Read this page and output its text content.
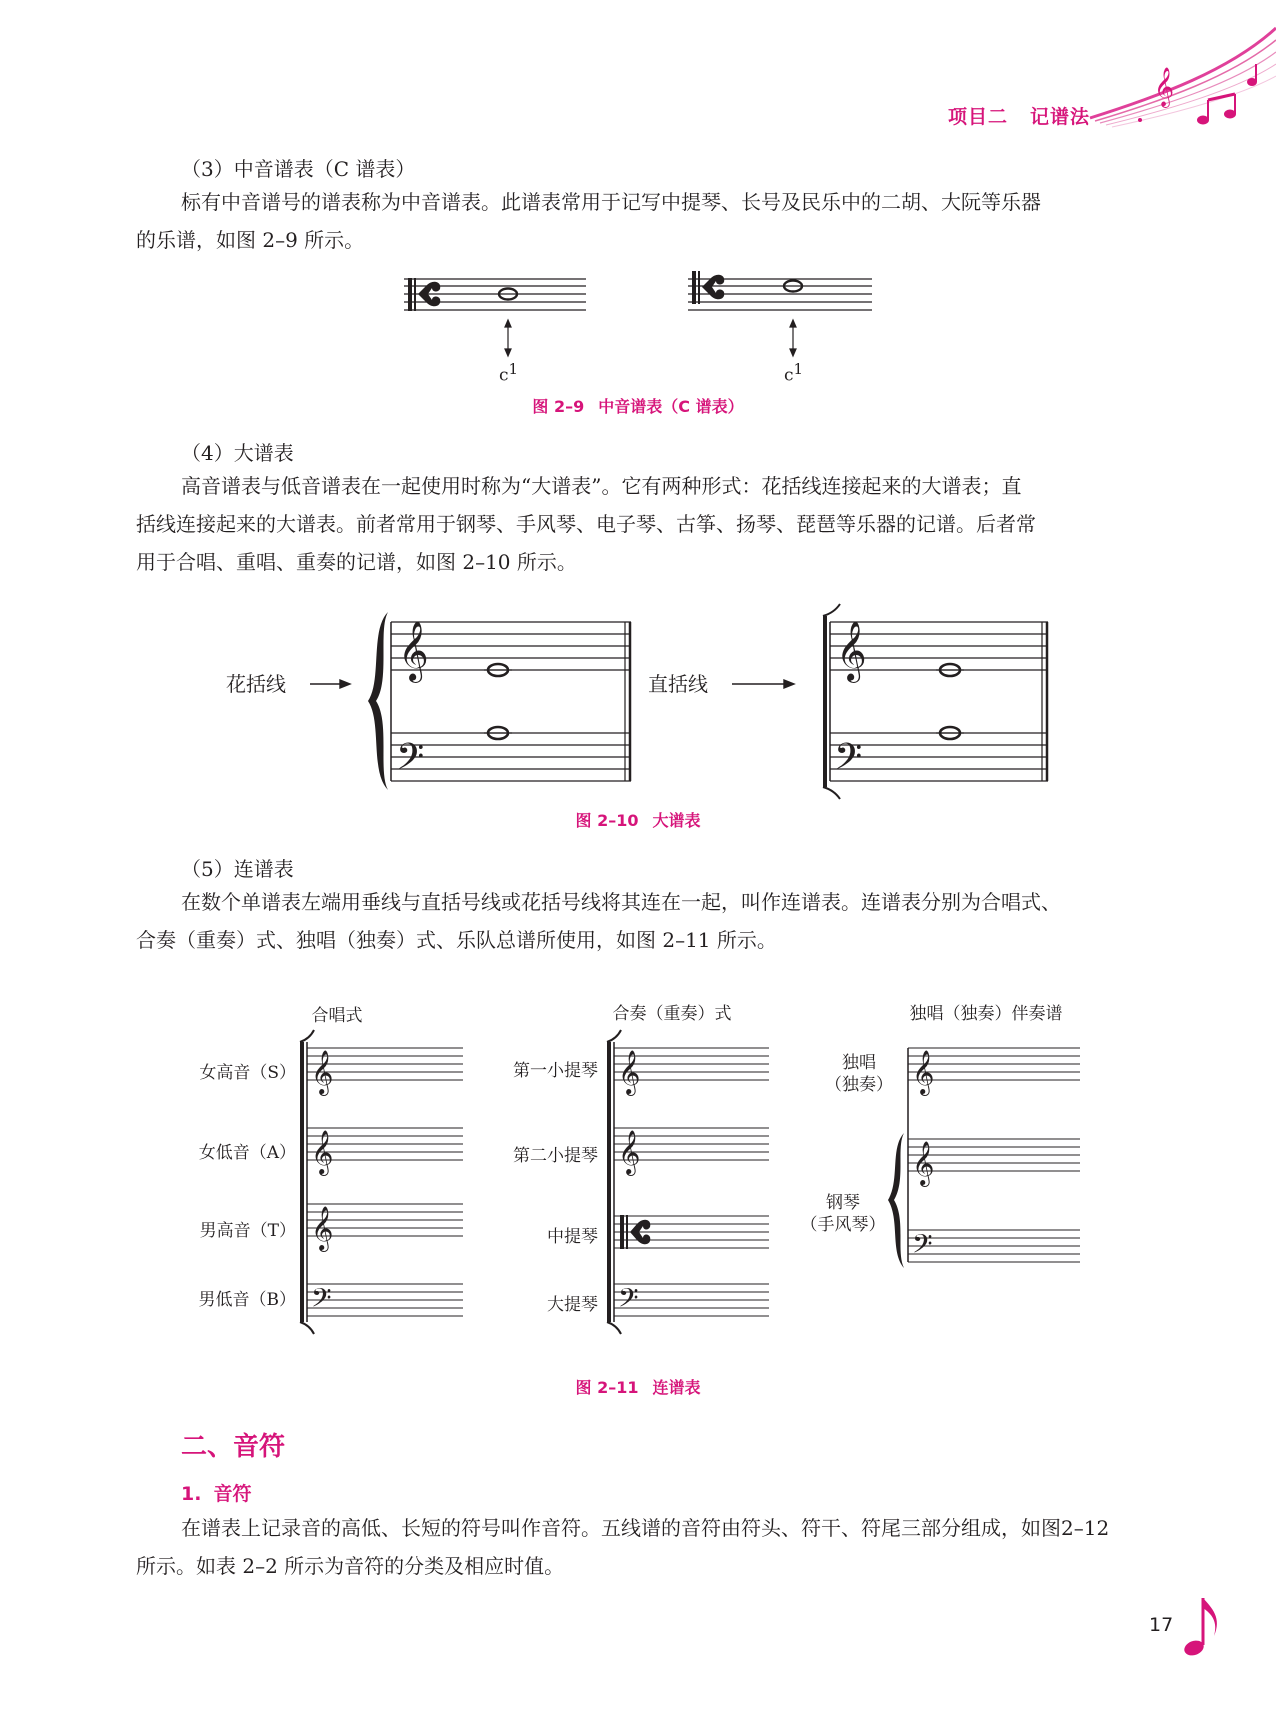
𝄞
𝄞
𝄢
𝄞
𝄢
𝄞
𝄞
𝄞
𝄢
𝄞
𝄞
𝄢
𝄞
𝄞
𝄢
项目二 记谱法
（3）中音谱表（C 谱表）
标有中音谱号的谱表称为中音谱表。此谱表常用于记写中提琴、长号及民乐中的二胡、大阮等乐器
的乐谱，如图 2–9 所示。
$c^1$	$c^1$
图 2–9 中音谱表（C 谱表）
（4）大谱表
高音谱表与低音谱表在一起使用时称为“大谱表”。它有两种形式：花括线连接起来的大谱表；直
括线连接起来的大谱表。前者常用于钢琴、手风琴、电子琴、古筝、扬琴、琵琶等乐器的记谱。后者常
用于合唱、重唱、重奏的记谱，如图 2–10 所示。
花括线	直括线
图 2–10 大谱表
（5）连谱表
在数个单谱表左端用垂线与直括号线或花括号线将其连在一起，叫作连谱表。连谱表分别为合唱式、
合奏（重奏）式、独唱（独奏）式、乐队总谱所使用，如图 2–11 所示。
合唱式
女高音（S）
女低音（A）
男高音（T）
男低音（B）
合奏（重奏）式
第一小提琴
第二小提琴
中提琴
大提琴
独唱（独奏）伴奏谱
独唱
（独奏）
钢琴
（手风琴）
图 2–11 连谱表
二、音符
1. 音符
在谱表上记录音的高低、长短的符号叫作音符。五线谱的音符由符头、符干、符尾三部分组成，如图2–12
所示。如表 2–2 所示为音符的分类及相应时值。
17
